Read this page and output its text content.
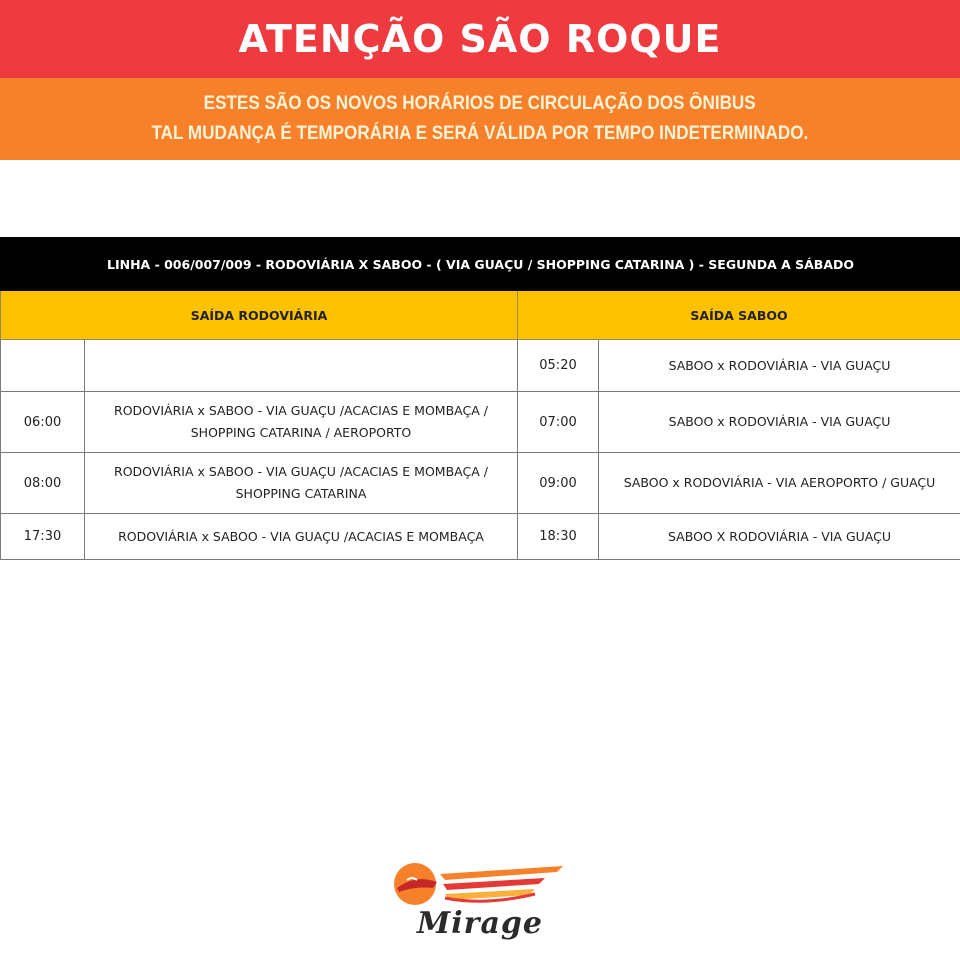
ATENÇÃO SÃO ROQUE
ESTES SÃO OS NOVOS HORÁRIOS DE CIRCULAÇÃO DOS ÔNIBUS
TAL MUDANÇA É TEMPORÁRIA E SERÁ VÁLIDA POR TEMPO INDETERMINADO.
LINHA - 006/007/009 - RODOVIÁRIA X SABOO - ( VIA GUAÇU / SHOPPING CATARINA ) - SEGUNDA A SÁBADO			
SAÍDA RODOVIÁRIA		SAÍDA SABOO	
		05:20	SABOO x RODOVIÁRIA - VIA GUAÇU
06:00	RODOVIÁRIA x SABOO - VIA GUAÇU /ACACIAS E MOMBAÇA / SHOPPING CATARINA / AEROPORTO	07:00	SABOO x RODOVIÁRIA - VIA GUAÇU
08:00	RODOVIÁRIA x SABOO - VIA GUAÇU /ACACIAS E MOMBAÇA / SHOPPING CATARINA	09:00	SABOO x RODOVIÁRIA - VIA AEROPORTO / GUAÇU
17:30	RODOVIÁRIA x SABOO - VIA GUAÇU /ACACIAS E MOMBAÇA	18:30	SABOO X RODOVIÁRIA - VIA GUAÇU
Mirage
